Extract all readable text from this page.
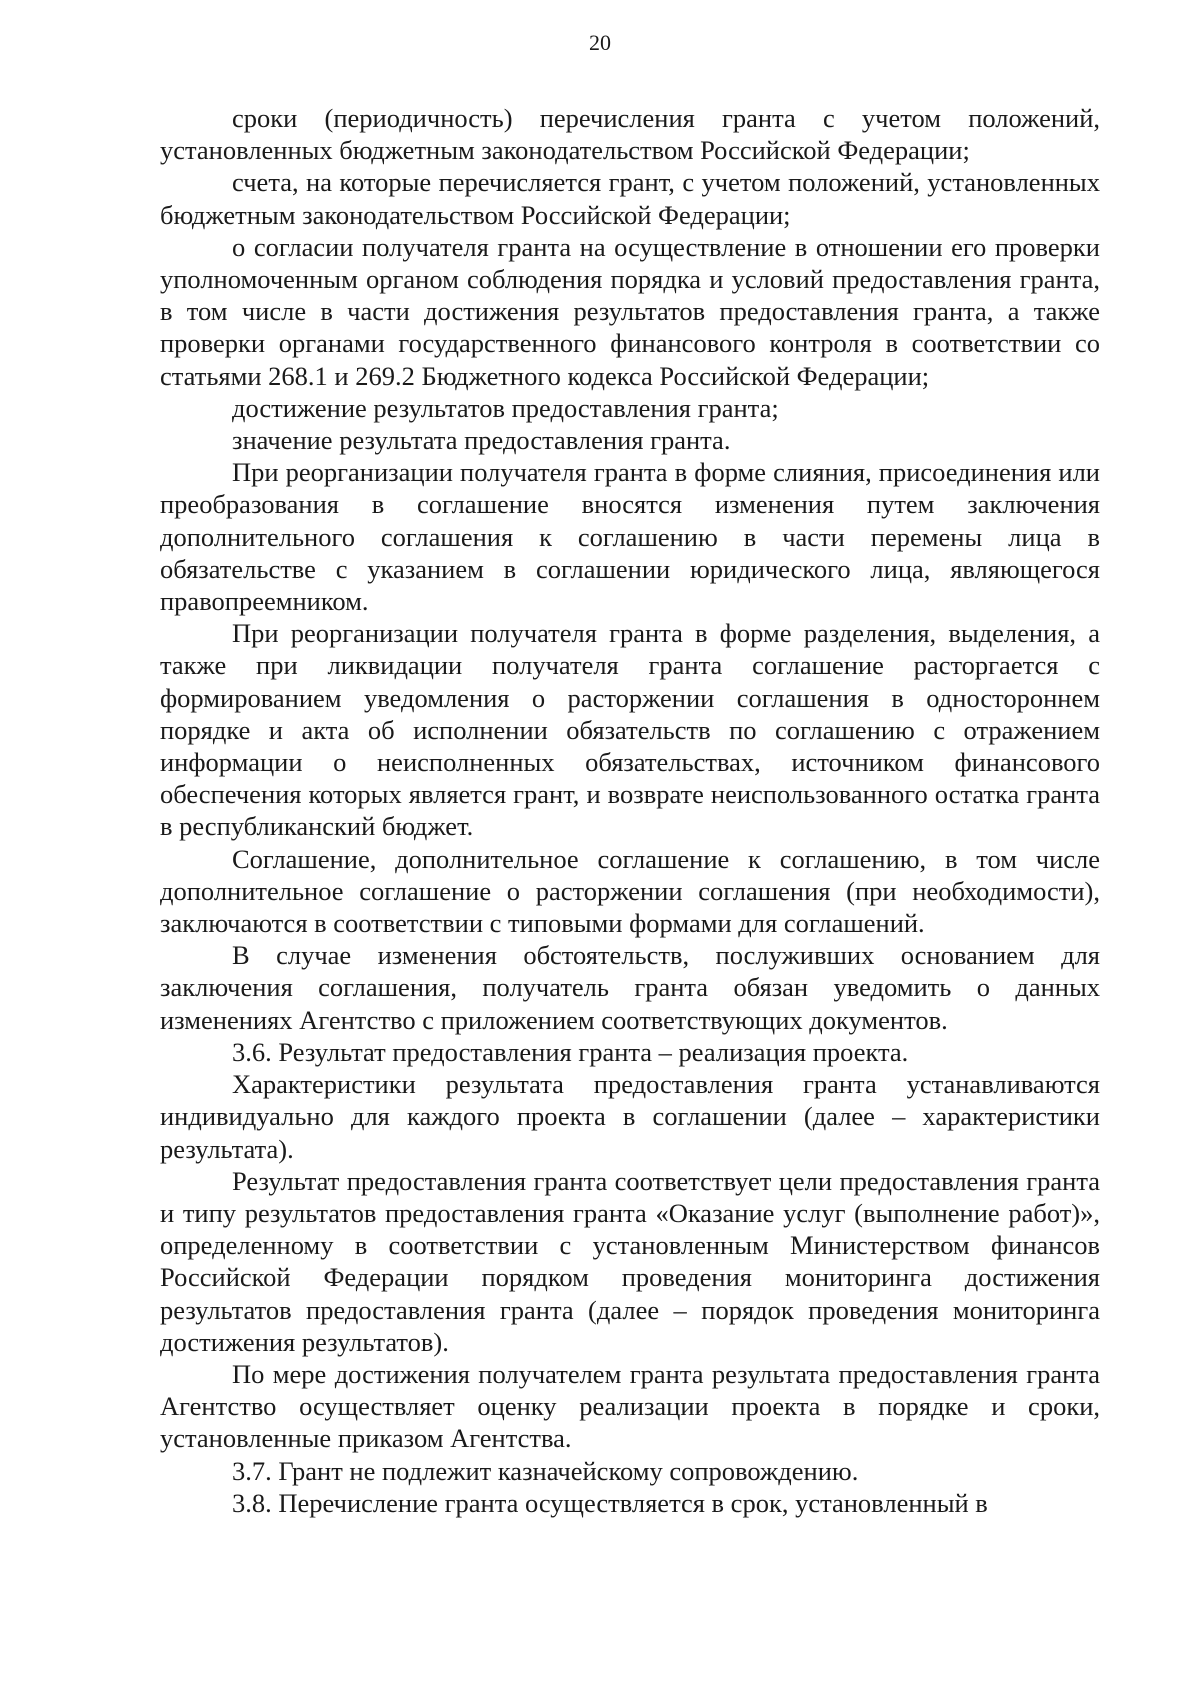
20

сроки (периодичность) перечисления гранта с учетом положений, установленных бюджетным законодательством Российской Федерации;

счета, на которые перечисляется грант, с учетом положений, установленных бюджетным законодательством Российской Федерации;

о согласии получателя гранта на осуществление в отношении его проверки уполномоченным органом соблюдения порядка и условий предоставления гранта, в том числе в части достижения результатов предоставления гранта, а также проверки органами государственного финансового контроля в соответствии со статьями 268.1 и 269.2 Бюджетного кодекса Российской Федерации;

достижение результатов предоставления гранта;

значение результата предоставления гранта.

При реорганизации получателя гранта в форме слияния, присоединения или преобразования в соглашение вносятся изменения путем заключения дополнительного соглашения к соглашению в части перемены лица в обязательстве с указанием в соглашении юридического лица, являющегося правопреемником.

При реорганизации получателя гранта в форме разделения, выделения, а также при ликвидации получателя гранта соглашение расторгается с формированием уведомления о расторжении соглашения в одностороннем порядке и акта об исполнении обязательств по соглашению с отражением информации о неисполненных обязательствах, источником финансового обеспечения которых является грант, и возврате неиспользованного остатка гранта в республиканский бюджет.

Соглашение, дополнительное соглашение к соглашению, в том числе дополнительное соглашение о расторжении соглашения (при необходимости), заключаются в соответствии с типовыми формами для соглашений.

В случае изменения обстоятельств, послуживших основанием для заключения соглашения, получатель гранта обязан уведомить о данных изменениях Агентство с приложением соответствующих документов.

3.6. Результат предоставления гранта – реализация проекта.

Характеристики результата предоставления гранта устанавливаются индивидуально для каждого проекта в соглашении (далее – характеристики результата).

Результат предоставления гранта соответствует цели предоставления гранта и типу результатов предоставления гранта «Оказание услуг (выполнение работ)», определенному в соответствии с установленным Министерством финансов Российской Федерации порядком проведения мониторинга достижения результатов предоставления гранта (далее – порядок проведения мониторинга достижения результатов).

По мере достижения получателем гранта результата предоставления гранта Агентство осуществляет оценку реализации проекта в порядке и сроки, установленные приказом Агентства.

3.7. Грант не подлежит казначейскому сопровождению.

3.8. Перечисление гранта осуществляется в срок, установленный в
